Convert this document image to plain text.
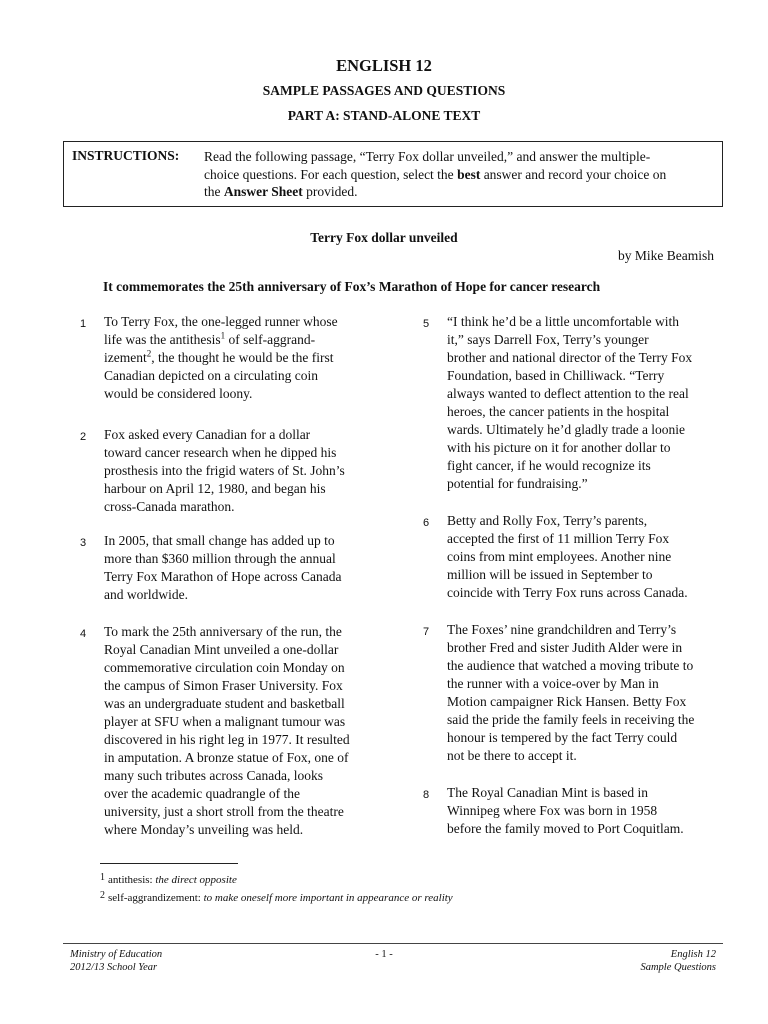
ENGLISH 12
SAMPLE PASSAGES AND QUESTIONS
PART A: STAND-ALONE TEXT
INSTRUCTIONS: Read the following passage, “Terry Fox dollar unveiled,” and answer the multiple-
choice questions. For each question, select the best answer and record your choice on
the Answer Sheet provided.
Terry Fox dollar unveiled
by Mike Beamish
It commemorates the 25th anniversary of Fox’s Marathon of Hope for cancer research
1 To Terry Fox, the one-legged runner whose
life was the antithesis$^1$ of self-aggrand-
izement$^2$, the thought he would be the first
Canadian depicted on a circulating coin
would be considered loony.
2 Fox asked every Canadian for a dollar
toward cancer research when he dipped his
prosthesis into the frigid waters of St. John’s
harbour on April 12, 1980, and began his
cross-Canada marathon.
3 In 2005, that small change has added up to
more than $360 million through the annual
Terry Fox Marathon of Hope across Canada
and worldwide.
4 To mark the 25th anniversary of the run, the
Royal Canadian Mint unveiled a one-dollar
commemorative circulation coin Monday on
the campus of Simon Fraser University. Fox
was an undergraduate student and basketball
player at SFU when a malignant tumour was
discovered in his right leg in 1977. It resulted
in amputation. A bronze statue of Fox, one of
many such tributes across Canada, looks
over the academic quadrangle of the
university, just a short stroll from the theatre
where Monday’s unveiling was held.
5 “I think he’d be a little uncomfortable with
it,” says Darrell Fox, Terry’s younger
brother and national director of the Terry Fox
Foundation, based in Chilliwack. “Terry
always wanted to deflect attention to the real
heroes, the cancer patients in the hospital
wards. Ultimately he’d gladly trade a loonie
with his picture on it for another dollar to
fight cancer, if he would recognize its
potential for fundraising.”
6 Betty and Rolly Fox, Terry’s parents,
accepted the first of 11 million Terry Fox
coins from mint employees. Another nine
million will be issued in September to
coincide with Terry Fox runs across Canada.
7 The Foxes’ nine grandchildren and Terry’s
brother Fred and sister Judith Alder were in
the audience that watched a moving tribute to
the runner with a voice-over by Man in
Motion campaigner Rick Hansen. Betty Fox
said the pride the family feels in receiving the
honour is tempered by the fact Terry could
not be there to accept it.
8 The Royal Canadian Mint is based in
Winnipeg where Fox was born in 1958
before the family moved to Port Coquitlam.
1 antithesis: the direct opposite
2 self-aggrandizement: to make oneself more important in appearance or reality
Ministry of Education
2012/13 School Year
- 1 -	English 12
Sample Questions
